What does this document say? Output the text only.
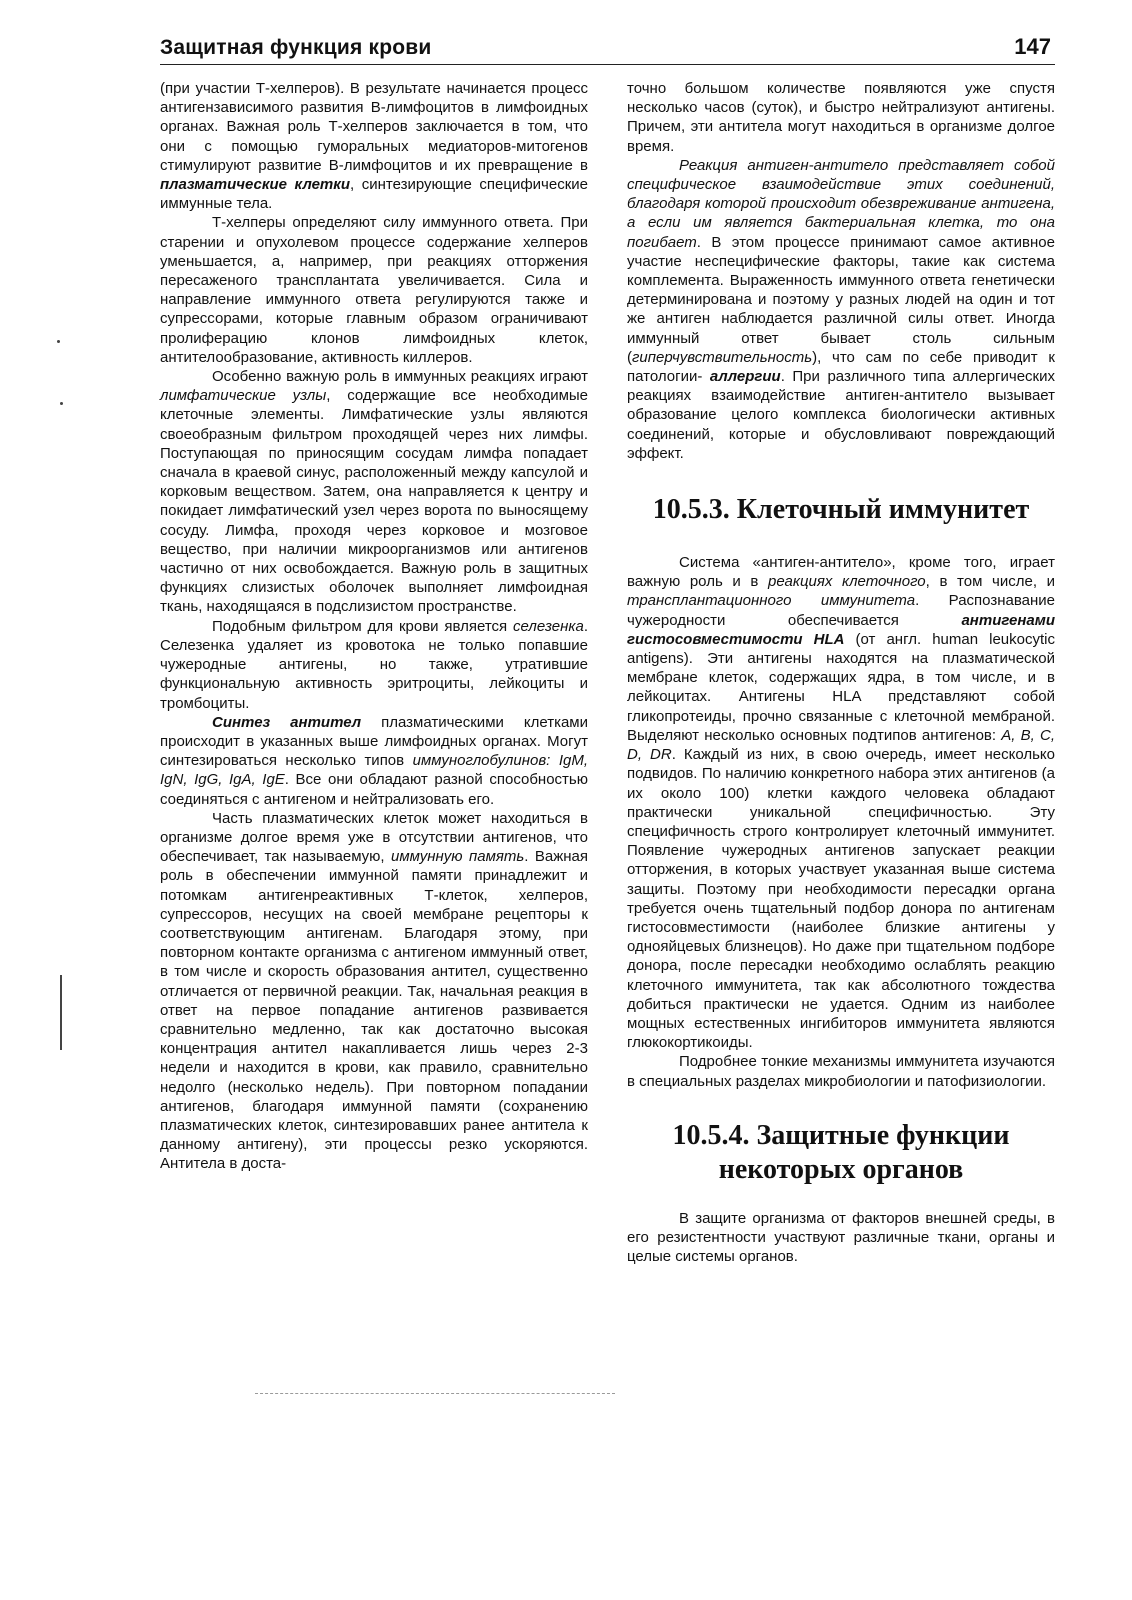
Защитная функция крови	147

(при участии Т-хелперов). В результате начинается процесс антигензависимого развития В-лимфоцитов в лимфоидных органах. Важная роль Т-хелперов заключается в том, что они с помощью гуморальных медиаторов-митогенов стимулируют развитие В-лимфоцитов и их превращение в плазматические клетки, синтезирующие специфические иммунные тела.

Т-хелперы определяют силу иммунного ответа. При старении и опухолевом процессе содержание хелперов уменьшается, а, например, при реакциях отторжения пересаженого трансплантата увеличивается. Сила и направление иммунного ответа регулируются также и супрессорами, которые главным образом ограничивают пролиферацию клонов лимфоидных клеток, антителообразование, активность киллеров.

Особенно важную роль в иммунных реакциях играют лимфатические узлы, содержащие все необходимые клеточные элементы. Лимфатические узлы являются своеобразным фильтром проходящей через них лимфы. Поступающая по приносящим сосудам лимфа попадает сначала в краевой синус, расположенный между капсулой и корковым веществом. Затем, она направляется к центру и покидает лимфатический узел через ворота по выносящему сосуду. Лимфа, проходя через корковое и мозговое вещество, при наличии микроорганизмов или антигенов частично от них освобождается. Важную роль в защитных функциях слизистых оболочек выполняет лимфоидная ткань, находящаяся в подслизистом пространстве.

Подобным фильтром для крови является селезенка. Селезенка удаляет из кровотока не только попавшие чужеродные антигены, но также, утратившие функциональную активность эритроциты, лейкоциты и тромбоциты.

Синтез антител плазматическими клетками происходит в указанных выше лимфоидных органах. Могут синтезироваться несколько типов иммуноглобулинов: IgM, IgN, IgG, IgA, IgE. Все они обладают разной способностью соединяться с антигеном и нейтрализовать его.

Часть плазматических клеток может находиться в организме долгое время уже в отсутствии антигенов, что обеспечивает, так называемую, иммунную память. Важная роль в обеспечении иммунной памяти принадлежит и потомкам антигенреактивных Т-клеток, хелперов, супрессоров, несущих на своей мембране рецепторы к соответствующим антигенам. Благодаря этому, при повторном контакте организма с антигеном иммунный ответ, в том числе и скорость образования антител, существенно отличается от первичной реакции. Так, начальная реакция в ответ на первое попадание антигенов развивается сравнительно медленно, так как достаточно высокая концентрация антител накапливается лишь через 2-3 недели и находится в крови, как правило, сравнительно недолго (несколько недель). При повторном попадании антигенов, благодаря иммунной памяти (сохранению плазматических клеток, синтезировавших ранее антитела к данному антигену), эти процессы резко ускоряются. Антитела в доста-

точно большом количестве появляются уже спустя несколько часов (суток), и быстро нейтрализуют антигены. Причем, эти антитела могут находиться в организме долгое время.

Реакция антиген-антитело представляет собой специфическое взаимодействие этих соединений, благодаря которой происходит обезвреживание антигена, а если им является бактериальная клетка, то она погибает. В этом процессе принимают самое активное участие неспецифические факторы, такие как система комплемента. Выраженность иммунного ответа генетически детерминирована и поэтому у разных людей на один и тот же антиген наблюдается различной силы ответ. Иногда иммунный ответ бывает столь сильным (гиперчувствительность), что сам по себе приводит к патологии- аллергии. При различного типа аллергических реакциях взаимодействие антиген-антитело вызывает образование целого комплекса биологически активных соединений, которые и обусловливают повреждающий эффект.

10.5.3. Клеточный иммунитет

Система «антиген-антитело», кроме того, играет важную роль и в реакциях клеточного, в том числе, и трансплантационного иммунитета. Распознавание чужеродности обеспечивается антигенами гистосовместимости HLA (от англ. human leukocytic antigens). Эти антигены находятся на плазматической мембране клеток, содержащих ядра, в том числе, и в лейкоцитах. Антигены HLA представляют собой гликопротеиды, прочно связанные с клеточной мембраной. Выделяют несколько основных подтипов антигенов: A, B, C, D, DR. Каждый из них, в свою очередь, имеет несколько подвидов. По наличию конкретного набора этих антигенов (а их около 100) клетки каждого человека обладают практически уникальной специфичностью. Эту специфичность строго контролирует клеточный иммунитет. Появление чужеродных антигенов запускает реакции отторжения, в которых участвует указанная выше система защиты. Поэтому при необходимости пересадки органа требуется очень тщательный подбор донора по антигенам гистосовместимости (наиболее близкие антигены у однояйцевых близнецов). Но даже при тщательном подборе донора, после пересадки необходимо ослаблять реакцию клеточного иммунитета, так как абсолютного тождества добиться практически не удается. Одним из наиболее мощных естественных ингибиторов иммунитета являются глюкокортикоиды.

Подробнее тонкие механизмы иммунитета изучаются в специальных разделах микробиологии и патофизиологии.

10.5.4. Защитные функции
некоторых органов

В защите организма от факторов внешней среды, в его резистентности участвуют различные ткани, органы и целые системы органов.
